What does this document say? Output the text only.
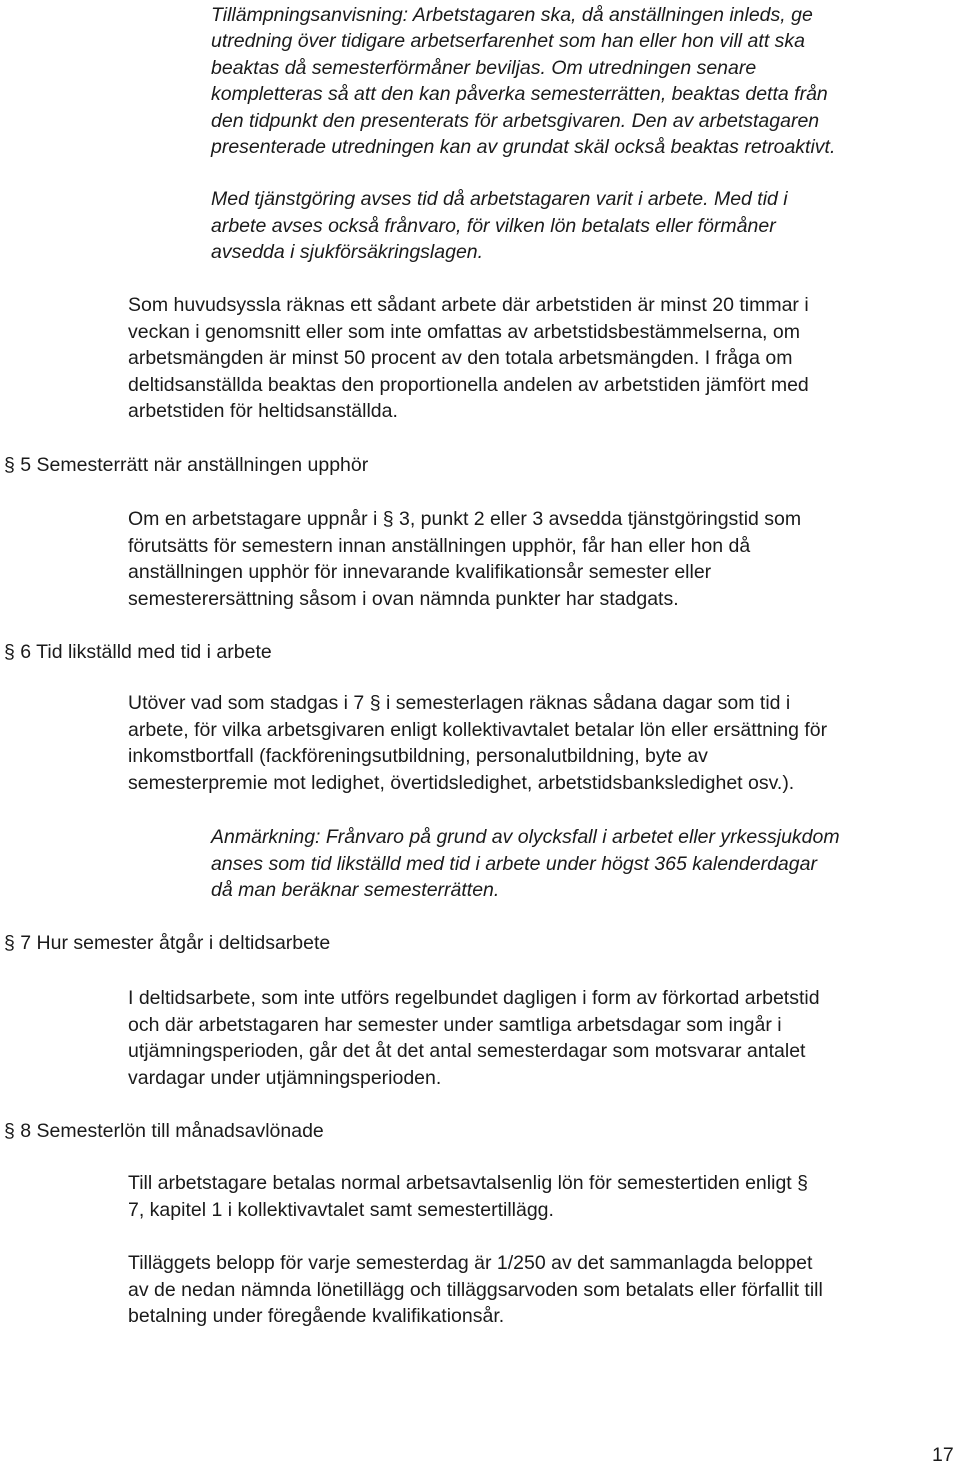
Tillämpningsanvisning: Arbetstagaren ska, då anställningen inleds, ge
utredning över tidigare arbetserfarenhet som han eller hon vill att ska
beaktas då semesterförmåner beviljas. Om utredningen senare
kompletteras så att den kan påverka semesterrätten, beaktas detta från
den tidpunkt den presenterats för arbetsgivaren. Den av arbetstagaren
presenterade utredningen kan av grundat skäl också beaktas retroaktivt.
Med tjänstgöring avses tid då arbetstagaren varit i arbete. Med tid i
arbete avses också frånvaro, för vilken lön betalats eller förmåner
avsedda i sjukförsäkringslagen.
Som huvudsyssla räknas ett sådant arbete där arbetstiden är minst 20 timmar i
veckan i genomsnitt eller som inte omfattas av arbetstidsbestämmelserna, om
arbetsmängden är minst 50 procent av den totala arbetsmängden. I fråga om
deltidsanställda beaktas den proportionella andelen av arbetstiden jämfört med
arbetstiden för heltidsanställda.
§ 5 Semesterrätt när anställningen upphör
Om en arbetstagare uppnår i § 3, punkt 2 eller 3 avsedda tjänstgöringstid som
förutsätts för semestern innan anställningen upphör, får han eller hon då
anställningen upphör för innevarande kvalifikationsår semester eller
semesterersättning såsom i ovan nämnda punkter har stadgats.
§ 6 Tid likställd med tid i arbete
Utöver vad som stadgas i 7 § i semesterlagen räknas sådana dagar som tid i
arbete, för vilka arbetsgivaren enligt kollektivavtalet betalar lön eller ersättning för
inkomstbortfall (fackföreningsutbildning, personalutbildning, byte av
semesterpremie mot ledighet, övertidsledighet, arbetstidsbanksledighet osv.).
Anmärkning: Frånvaro på grund av olycksfall i arbetet eller yrkessjukdom
anses som tid likställd med tid i arbete under högst 365 kalenderdagar
då man beräknar semesterrätten.
§ 7 Hur semester åtgår i deltidsarbete
I deltidsarbete, som inte utförs regelbundet dagligen i form av förkortad arbetstid
och där arbetstagaren har semester under samtliga arbetsdagar som ingår i
utjämningsperioden, går det åt det antal semesterdagar som motsvarar antalet
vardagar under utjämningsperioden.
§ 8 Semesterlön till månadsavlönade
Till arbetstagare betalas normal arbetsavtalsenlig lön för semestertiden enligt §
7, kapitel 1 i kollektivavtalet samt semestertillägg.
Tilläggets belopp för varje semesterdag är 1/250 av det sammanlagda beloppet
av de nedan nämnda lönetillägg och tilläggsarvoden som betalats eller förfallit till
betalning under föregående kvalifikationsår.
17
